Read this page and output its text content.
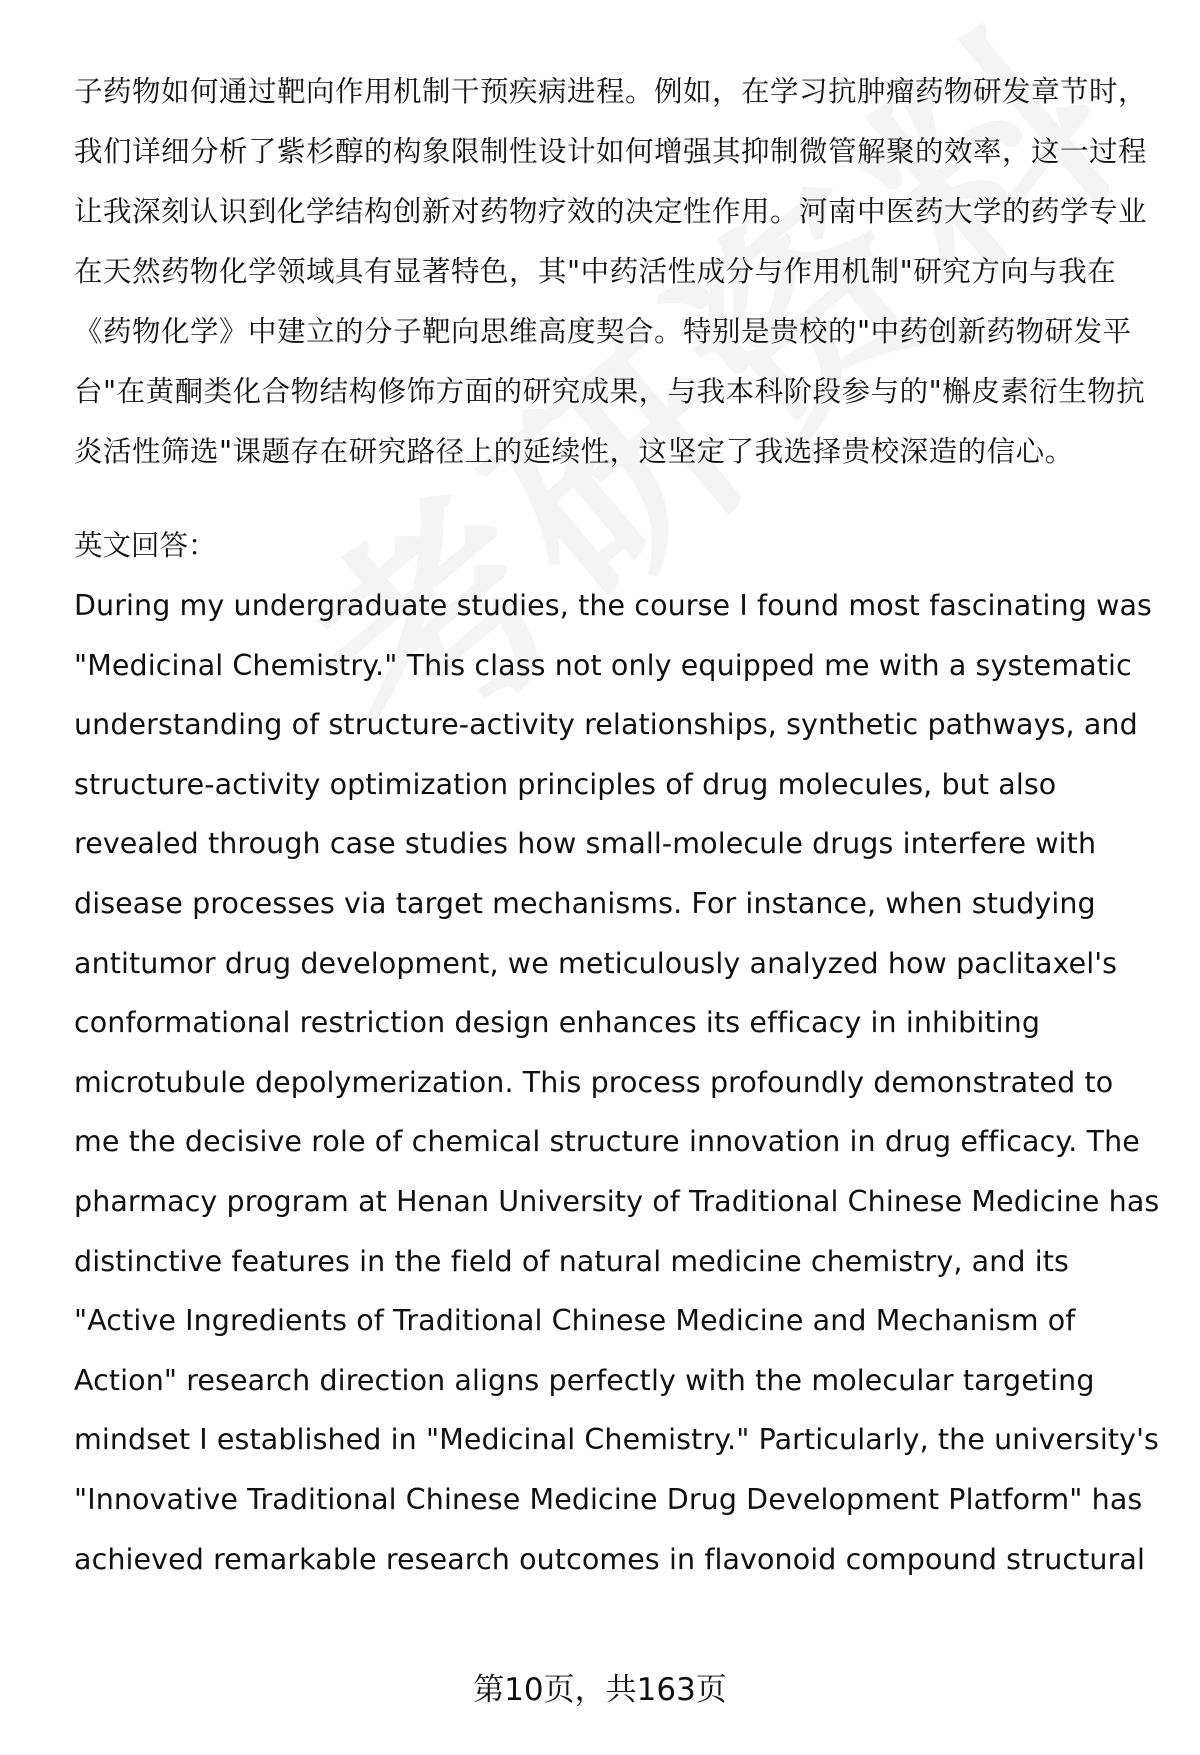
子药物如何通过靶向作用机制干预疾病进程。例如，在学习抗肿瘤药物研发章节时，我们详细分析了紫杉醇的构象限制性设计如何增强其抑制微管解聚的效率，这一过程让我深刻认识到化学结构创新对药物疗效的决定性作用。河南中医药大学的药学专业在天然药物化学领域具有显著特色，其"中药活性成分与作用机制"研究方向与我在《药物化学》中建立的分子靶向思维高度契合。特别是贵校的"中药创新药物研发平台"在黄酮类化合物结构修饰方面的研究成果，与我本科阶段参与的"槲皮素衍生物抗炎活性筛选"课题存在研究路径上的延续性，这坚定了我选择贵校深造的信心。

英文回答：

During my undergraduate studies, the course I found most fascinating was "Medicinal Chemistry." This class not only equipped me with a systematic understanding of structure-activity relationships, synthetic pathways, and structure-activity optimization principles of drug molecules, but also revealed through case studies how small-molecule drugs interfere with disease processes via target mechanisms. For instance, when studying antitumor drug development, we meticulously analyzed how paclitaxel's conformational restriction design enhances its efficacy in inhibiting microtubule depolymerization. This process profoundly demonstrated to me the decisive role of chemical structure innovation in drug efficacy. The pharmacy program at Henan University of Traditional Chinese Medicine has distinctive features in the field of natural medicine chemistry, and its "Active Ingredients of Traditional Chinese Medicine and Mechanism of Action" research direction aligns perfectly with the molecular targeting mindset I established in "Medicinal Chemistry." Particularly, the university's "Innovative Traditional Chinese Medicine Drug Development Platform" has achieved remarkable research outcomes in flavonoid compound structural

第10页，共163页
